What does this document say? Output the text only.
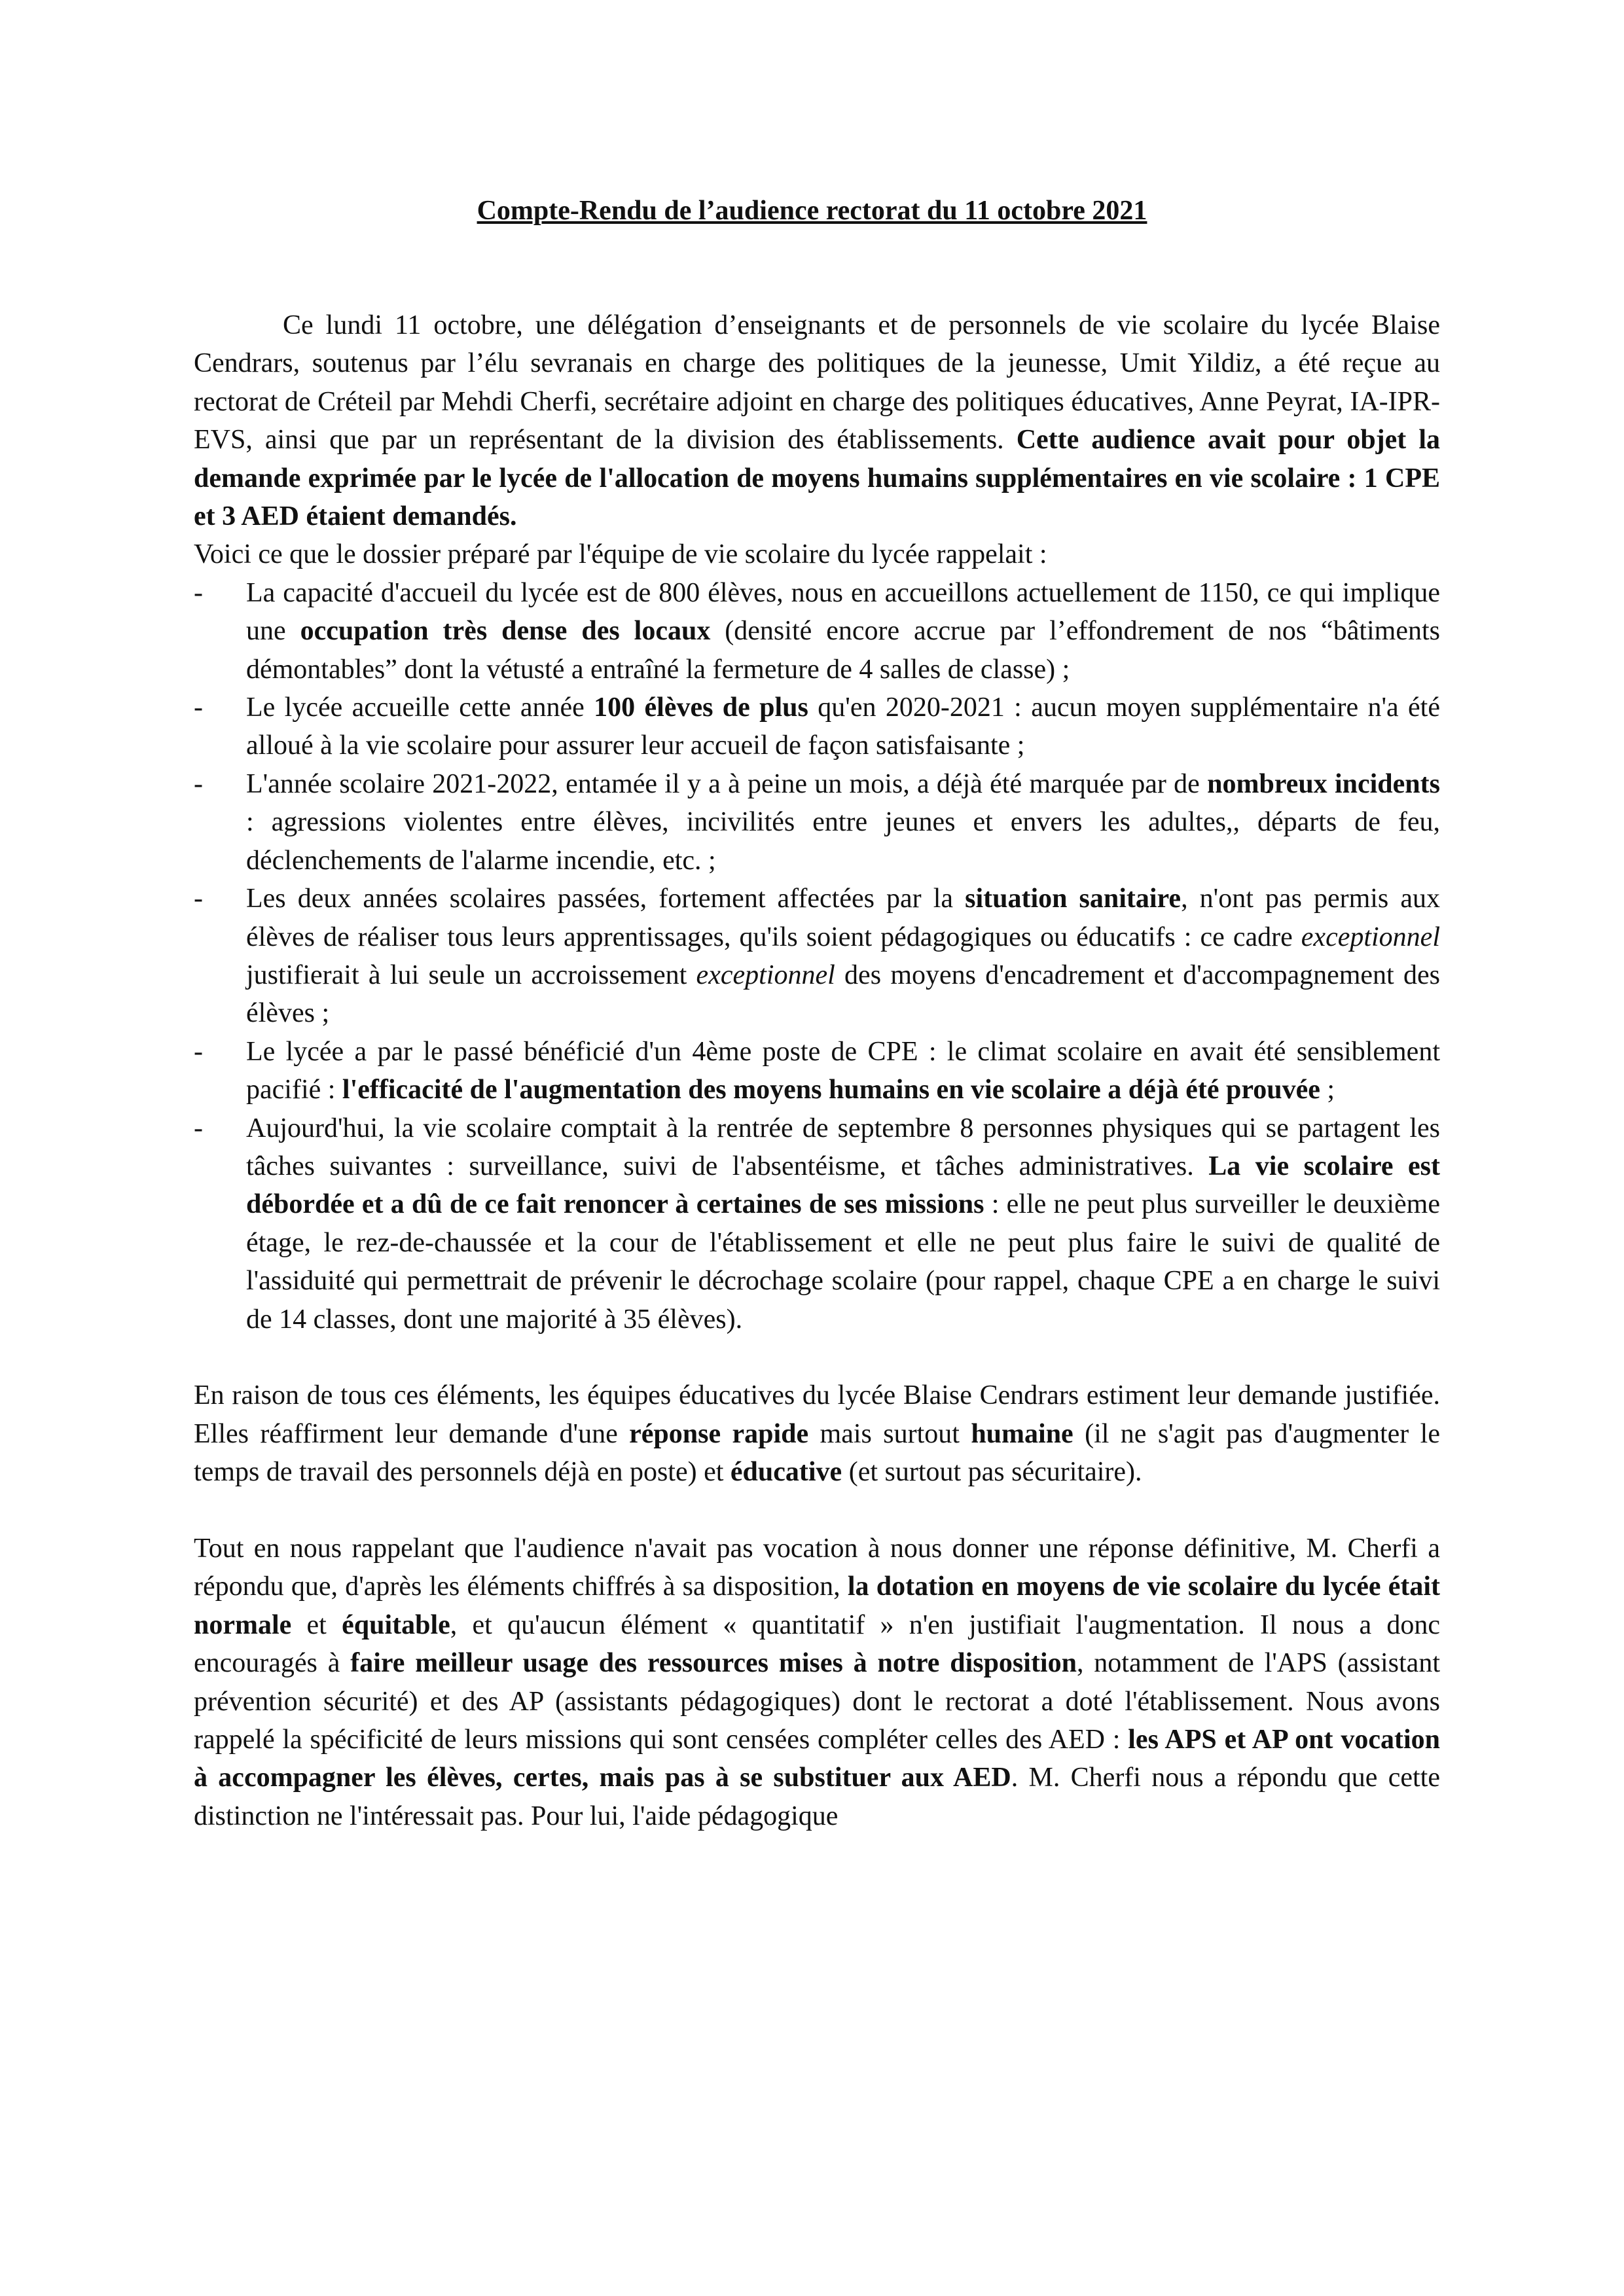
Compte-Rendu de l’audience rectorat du 11 octobre 2021

Ce lundi 11 octobre, une délégation d’enseignants et de personnels de vie scolaire du lycée Blaise Cendrars, soutenus par l’élu sevranais en charge des politiques de la jeunesse, Umit Yildiz, a été reçue au rectorat de Créteil par Mehdi Cherfi, secrétaire adjoint en charge des politiques éducatives, Anne Peyrat, IA-IPR-EVS, ainsi que par un représentant de la division des établissements. Cette audience avait pour objet la demande exprimée par le lycée de l'allocation de moyens humains supplémentaires en vie scolaire : 1 CPE et 3 AED étaient demandés.

Voici ce que le dossier préparé par l'équipe de vie scolaire du lycée rappelait :

- La capacité d'accueil du lycée est de 800 élèves, nous en accueillons actuellement de 1150, ce qui implique une occupation très dense des locaux (densité encore accrue par l’effondrement de nos “bâtiments démontables” dont la vétusté a entraîné la fermeture de 4 salles de classe) ;
- Le lycée accueille cette année 100 élèves de plus qu'en 2020-2021 : aucun moyen supplémentaire n'a été alloué à la vie scolaire pour assurer leur accueil de façon satisfaisante ;
- L'année scolaire 2021-2022, entamée il y a à peine un mois, a déjà été marquée par de nombreux incidents : agressions violentes entre élèves, incivilités entre jeunes et envers les adultes,, départs de feu, déclenchements de l'alarme incendie, etc. ;
- Les deux années scolaires passées, fortement affectées par la situation sanitaire, n'ont pas permis aux élèves de réaliser tous leurs apprentissages, qu'ils soient pédagogiques ou éducatifs : ce cadre exceptionnel justifierait à lui seule un accroissement exceptionnel des moyens d'encadrement et d'accompagnement des élèves ;
- Le lycée a par le passé bénéficié d'un 4ème poste de CPE : le climat scolaire en avait été sensiblement pacifié : l'efficacité de l'augmentation des moyens humains en vie scolaire a déjà été prouvée ;
- Aujourd'hui, la vie scolaire comptait à la rentrée de septembre 8 personnes physiques qui se partagent les tâches suivantes : surveillance, suivi de l'absentéisme, et tâches administratives. La vie scolaire est débordée et a dû de ce fait renoncer à certaines de ses missions : elle ne peut plus surveiller le deuxième étage, le rez-de-chaussée et la cour de l'établissement et elle ne peut plus faire le suivi de qualité de l'assiduité qui permettrait de prévenir le décrochage scolaire (pour rappel, chaque CPE a en charge le suivi de 14 classes, dont une majorité à 35 élèves).

En raison de tous ces éléments, les équipes éducatives du lycée Blaise Cendrars estiment leur demande justifiée. Elles réaffirment leur demande d'une réponse rapide mais surtout humaine (il ne s'agit pas d'augmenter le temps de travail des personnels déjà en poste) et éducative (et surtout pas sécuritaire).

Tout en nous rappelant que l'audience n'avait pas vocation à nous donner une réponse définitive, M. Cherfi a répondu que, d'après les éléments chiffrés à sa disposition, la dotation en moyens de vie scolaire du lycée était normale et équitable, et qu'aucun élément « quantitatif » n'en justifiait l'augmentation. Il nous a donc encouragés à faire meilleur usage des ressources mises à notre disposition, notamment de l'APS (assistant prévention sécurité) et des AP (assistants pédagogiques) dont le rectorat a doté l'établissement. Nous avons rappelé la spécificité de leurs missions qui sont censées compléter celles des AED : les APS et AP ont vocation à accompagner les élèves, certes, mais pas à se substituer aux AED. M. Cherfi nous a répondu que cette distinction ne l'intéressait pas. Pour lui, l'aide pédagogique
